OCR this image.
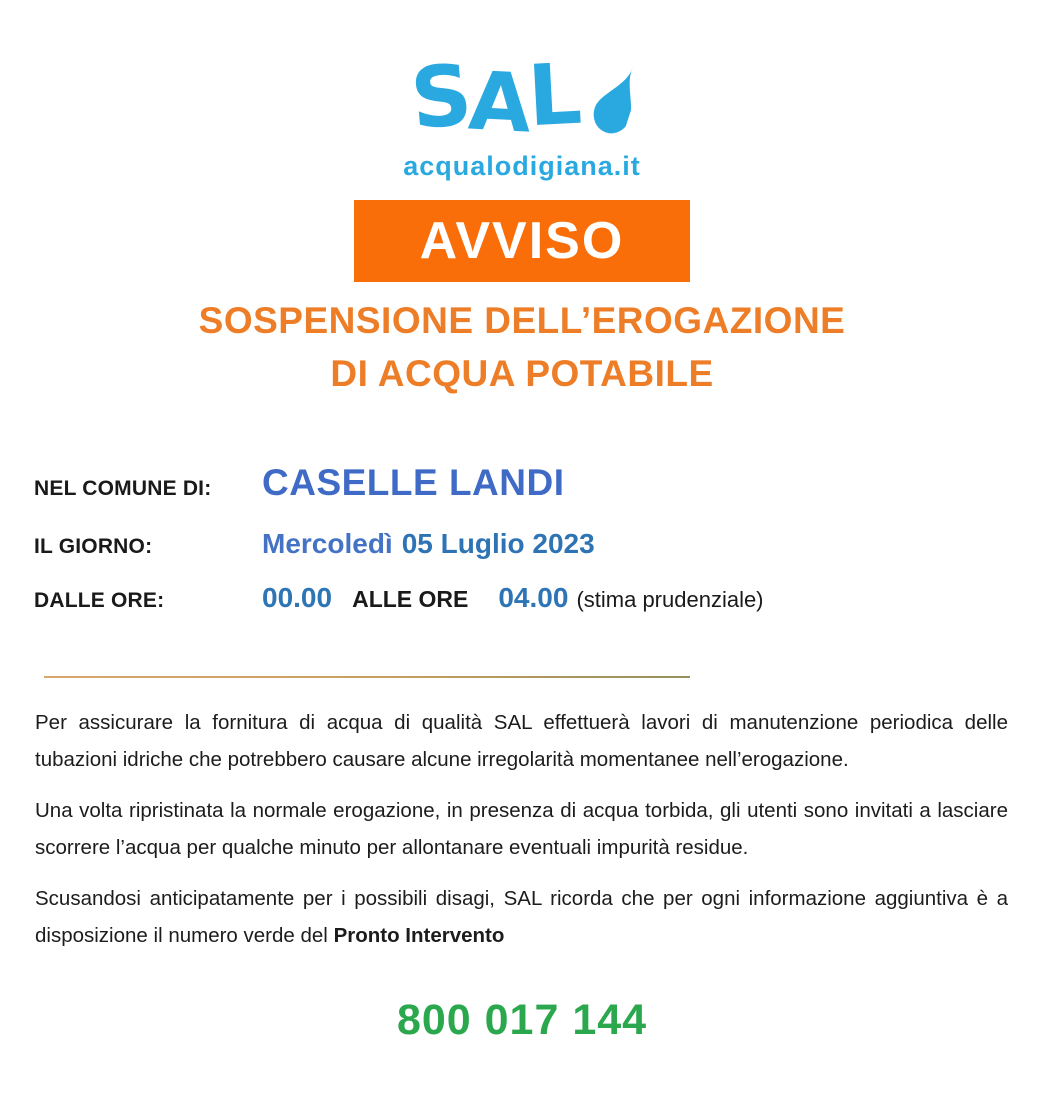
SAL
acqualodigiana.it
AVVISO
SOSPENSIONE DELL’EROGAZIONE
DI ACQUA POTABILE
NEL COMUNE DI:	CASELLE LANDI
IL GIORNO:	Mercoledì 05 Luglio 2023
DALLE ORE:	00.00 ALLE ORE 04.00 (stima prudenziale)

Per assicurare la fornitura di acqua di qualità SAL effettuerà lavori di manutenzione periodica delle tubazioni idriche che potrebbero causare alcune irregolarità momentanee nell’erogazione.

Una volta ripristinata la normale erogazione, in presenza di acqua torbida, gli utenti sono invitati a lasciare scorrere l’acqua per qualche minuto per allontanare eventuali impurità residue.

Scusandosi anticipatamente per i possibili disagi, SAL ricorda che per ogni informazione aggiuntiva è a disposizione il numero verde del Pronto Intervento

800 017 144
